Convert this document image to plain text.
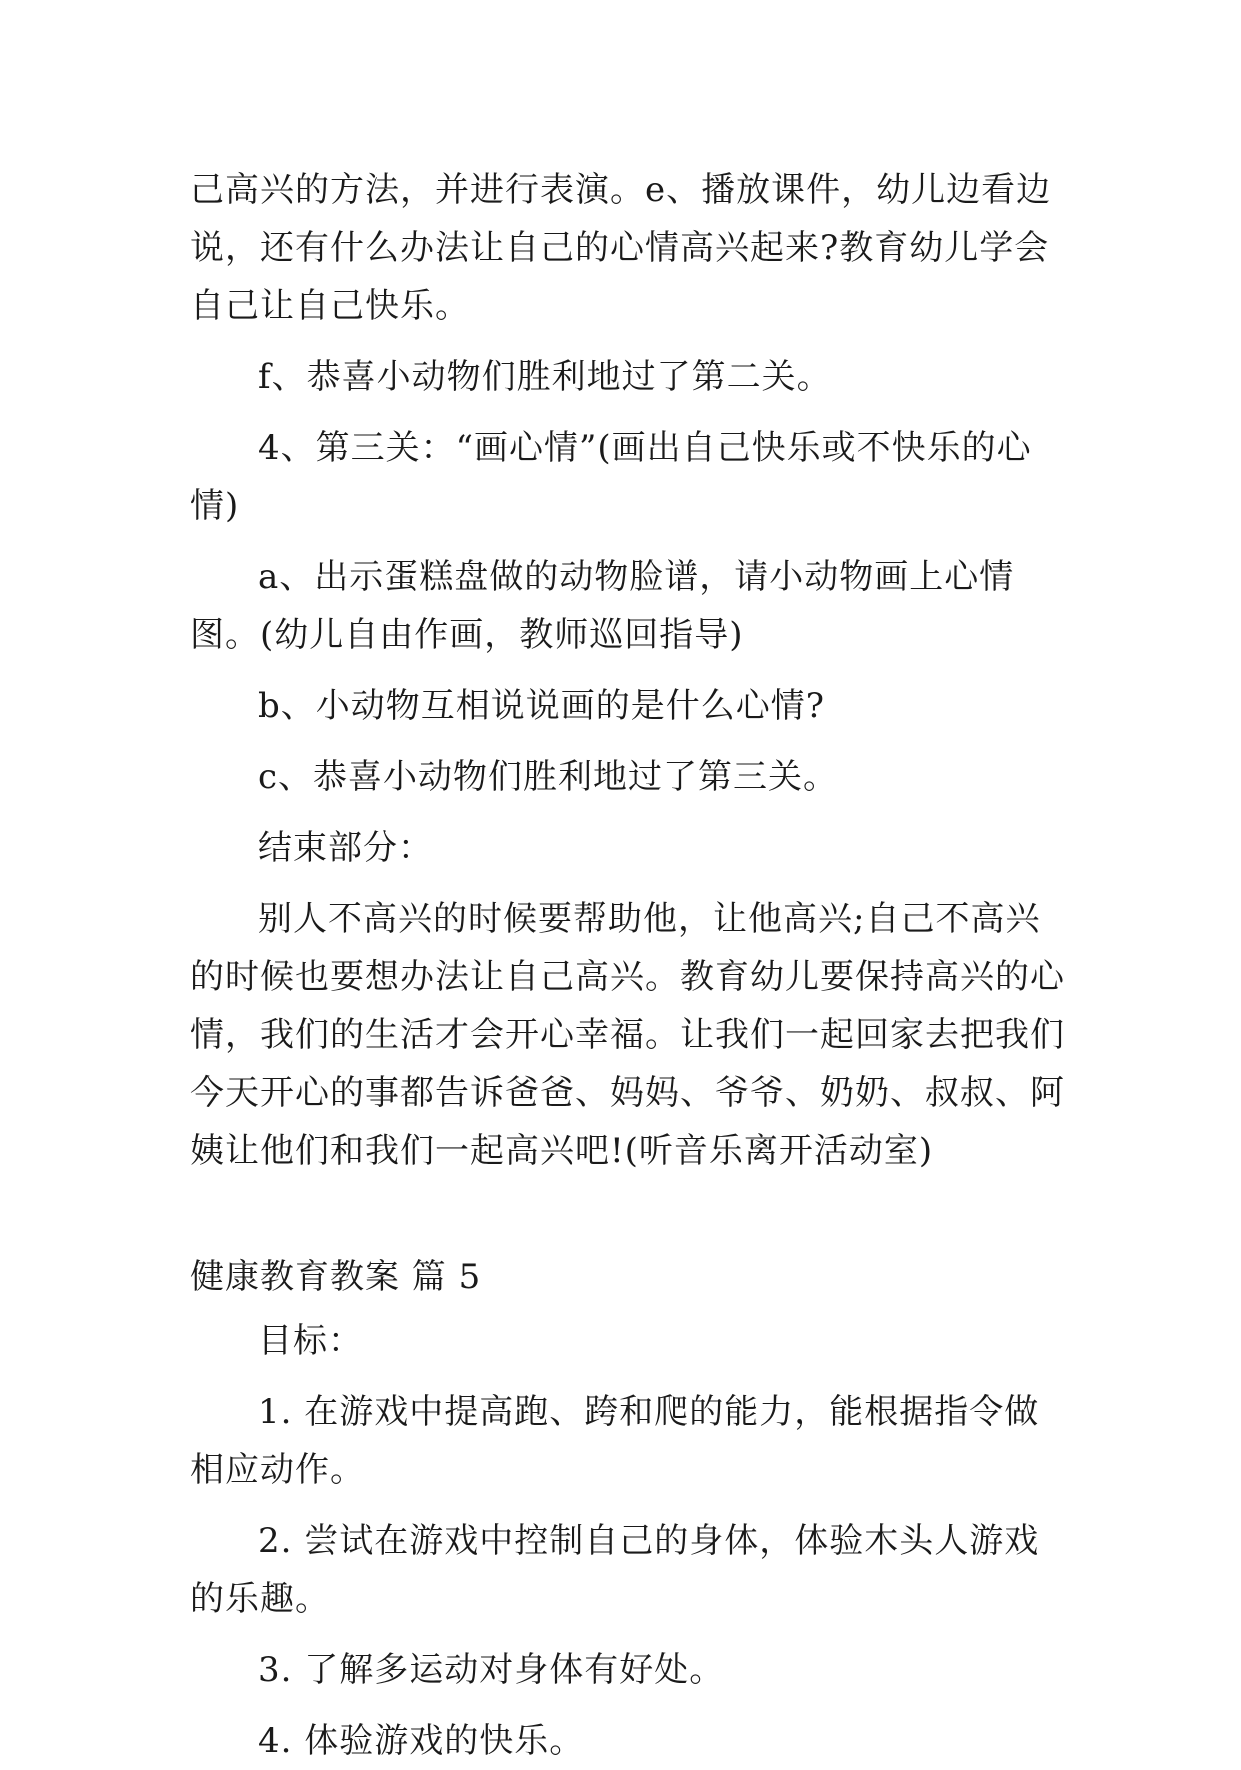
己高兴的方法，并进行表演。e、播放课件，幼儿边看边说，还有什么办法让自己的心情高兴起来?教育幼儿学会自己让自己快乐。

f、恭喜小动物们胜利地过了第二关。

4、第三关：“画心情”(画出自己快乐或不快乐的心情)

a、出示蛋糕盘做的动物脸谱，请小动物画上心情图。(幼儿自由作画，教师巡回指导)

b、小动物互相说说画的是什么心情?

c、恭喜小动物们胜利地过了第三关。

结束部分：

别人不高兴的时候要帮助他，让他高兴;自己不高兴的时候也要想办法让自己高兴。教育幼儿要保持高兴的心情，我们的生活才会开心幸福。让我们一起回家去把我们今天开心的事都告诉爸爸、妈妈、爷爷、奶奶、叔叔、阿姨让他们和我们一起高兴吧!(听音乐离开活动室)

健康教育教案 篇 5

目标：

1. 在游戏中提高跑、跨和爬的能力，能根据指令做相应动作。

2. 尝试在游戏中控制自己的身体，体验木头人游戏的乐趣。

3. 了解多运动对身体有好处。

4. 体验游戏的快乐。
